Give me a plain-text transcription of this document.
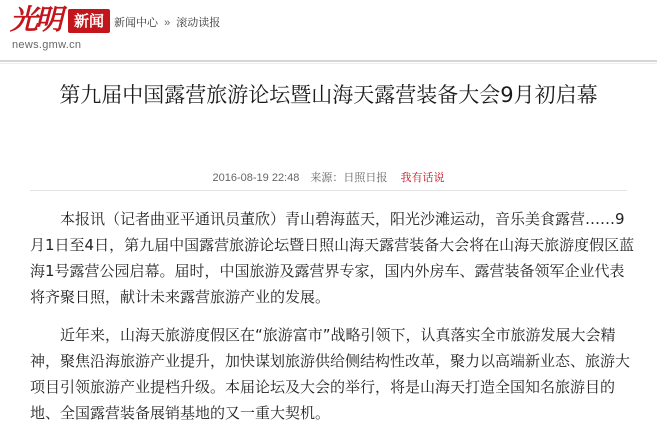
光明 新闻
news.gmw.cn
新闻中心 » 滚动读报
第九届中国露营旅游论坛暨山海天露营装备大会9月初启幕
2016-08-19 22:48 来源：日照日报 我有话说

本报讯（记者曲亚平通讯员董欣）青山碧海蓝天，阳光沙滩运动，音乐美食露营……9月1日至4日，第九届中国露营旅游论坛暨日照山海天露营装备大会将在山海天旅游度假区蓝海1号露营公园启幕。届时，中国旅游及露营界专家，国内外房车、露营装备领军企业代表将齐聚日照，献计未来露营旅游产业的发展。

近年来，山海天旅游度假区在“旅游富市”战略引领下，认真落实全市旅游发展大会精神，聚焦沿海旅游产业提升，加快谋划旅游供给侧结构性改革，聚力以高端新业态、旅游大项目引领旅游产业提档升级。本届论坛及大会的举行，将是山海天打造全国知名旅游目的地、全国露营装备展销基地的又一重大契机。
